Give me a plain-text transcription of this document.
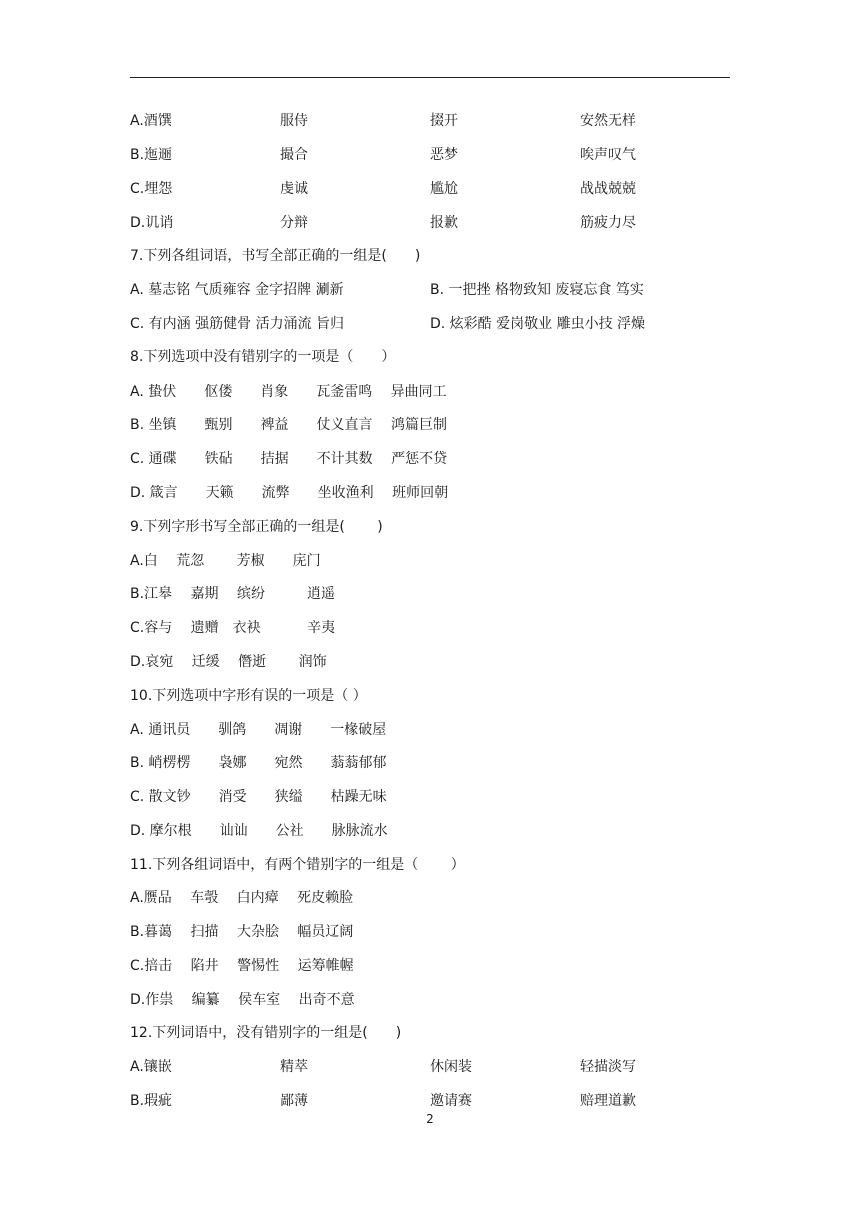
A.酒馔	服侍	掇开	安然无样
B.迤逦	撮合	恶梦	唉声叹气
C.埋怨	虔诚	尴尬	战战兢兢
D.讥诮	分辩	报歉	筋疲力尽
7.下列各组词语，书写全部正确的一组是(　　)
A. 墓志铭 气质雍容 金字招牌 涮新	B. 一把挫 格物致知 废寝忘食 笃实
C. 有内涵 强筋健骨 活力涌流 旨归	D. 炫彩酷 爱岗敬业 雕虫小技 浮燥
8.下列选项中没有错别字的一项是（　　）
A. 蛰伏　　伛偻　　肖象　　瓦釜雷鸣　 异曲同工
B. 坐镇　　甄别　　裨益　　仗义直言　 鸿篇巨制
C. 通碟　　铁砧　　拮据　　不计其数　 严惩不贷
D. 箴言　　天籁　　流弊　　坐收渔利　 班师回朝
9.下列字形书写全部正确的一组是(　　 )
A.白　 荒忽　　 芳椒　　庑门
B.江皋　 嘉期　 缤纷　　　逍遥
C.容与　 遗赠　衣袂　　　 辛夷
D.哀宛　 迁缓　 僭逝　　 润饰
10.下列选项中字形有误的一项是（ ）
A. 通讯员　　驯鸽　　凋谢　　一椽破屋
B. 峭楞楞　　袅娜　　宛然　　蓊蓊郁郁
C. 散文钞　　消受　　狭缢　　枯躁无味
D. 摩尔根　　讪讪　　公社　　脉脉流水
11.下列各组词语中，有两个错别字的一组是（　　 ）
A.赝品　 车彀　 白内瘴　 死皮赖脸
B.暮蔼　 扫描　 大杂脍　 幅员辽阔
C.掊击　 陷井　 警惕性　 运筹帷幄
D.作祟　 编纂　 侯车室　 出奇不意
12.下列词语中，没有错别字的一组是(　　)
A.镶嵌	精萃	休闲装	轻描淡写
B.瑕疵	鄙薄	邀请赛	赔理道歉
2
